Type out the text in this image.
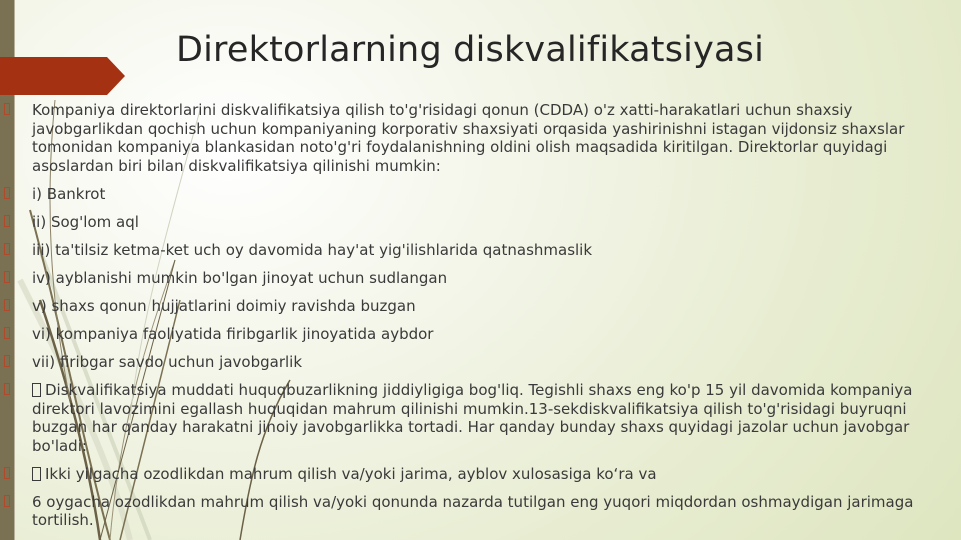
Direktorlarning diskvalifikatsiyasi
Kompaniya direktorlarini diskvalifikatsiya qilish to'g'risidagi qonun (CDDA) o'z xatti-harakatlari uchun shaxsiy javobgarlikdan qochish uchun kompaniyaning korporativ shaxsiyati orqasida yashirinishni istagan vijdonsiz shaxslar tomonidan kompaniya blankasidan noto'g'ri foydalanishning oldini olish maqsadida kiritilgan. Direktorlar quyidagi asoslardan biri bilan diskvalifikatsiya qilinishi mumkin:
i) Bankrot
ii) Sog'lom aql
iii) ta'tilsiz ketma-ket uch oy davomida hay'at yig'ilishlarida qatnashmaslik
iv) ayblanishi mumkin bo'lgan jinoyat uchun sudlangan
v) shaxs qonun hujjatlarini doimiy ravishda buzgan
vi) kompaniya faoliyatida firibgarlik jinoyatida aybdor
vii) firibgar savdo uchun javobgarlik
Diskvalifikatsiya muddati huquqbuzarlikning jiddiyligiga bog'liq. Tegishli shaxs eng ko'p 15 yil davomida kompaniya direktori lavozimini egallash huquqidan mahrum qilinishi mumkin.13-sekdiskvalifikatsiya qilish to'g'risidagi buyruqni buzgan har qanday harakatni jinoiy javobgarlikka tortadi. Har qanday bunday shaxs quyidagi jazolar uchun javobgar bo'ladi:
Ikki yilgacha ozodlikdan mahrum qilish va/yoki jarima, ayblov xulosasiga ko‘ra va
6 oygacha ozodlikdan mahrum qilish va/yoki qonunda nazarda tutilgan eng yuqori miqdordan oshmaydigan jarimaga tortilish.
